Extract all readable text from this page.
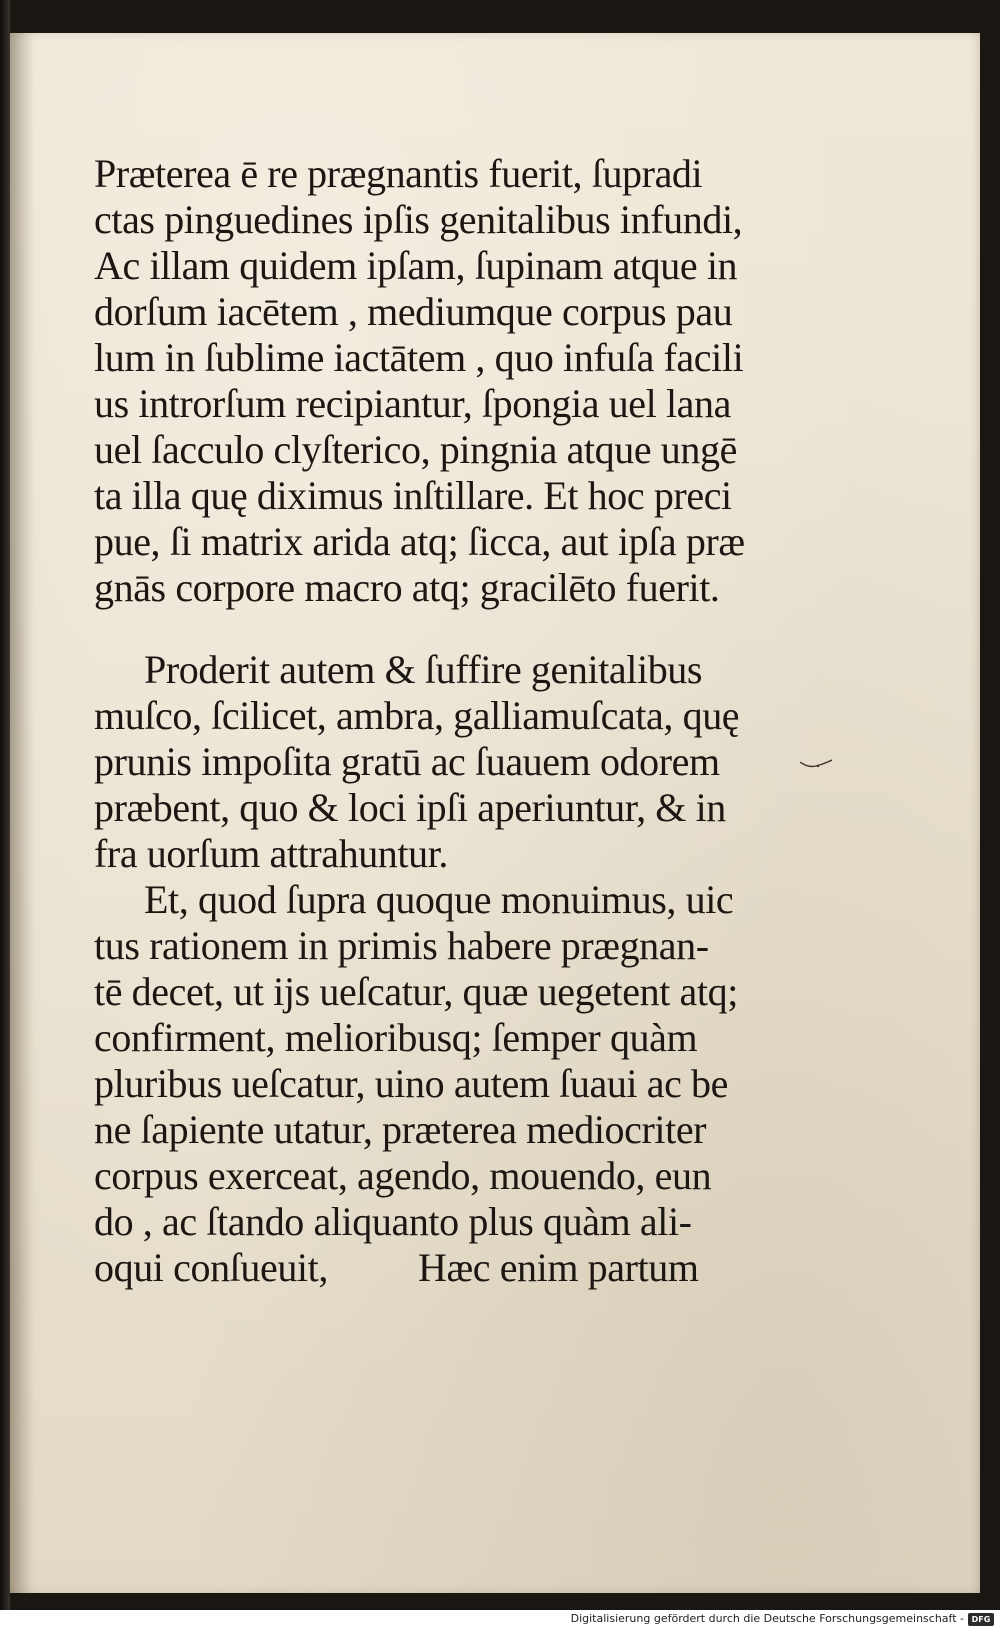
Præterea ē re prægnantis fuerit, ſupradi
ctas pinguedines ipſis genitalibus infundi,
Ac illam quidem ipſam, ſupinam atque in
dorſum iacētem , mediumque corpus pau
lum in ſublime iactātem , quo infuſa facili
us introrſum recipiantur, ſpongia uel lana
uel ſacculo clyſterico, pingnia atque ungē
ta illa quę diximus inſtillare. Et hoc preci
pue, ſi matrix arida atq; ſicca, aut ipſa præ
gnās corpore macro atq; gracilēto fuerit.
Proderit autem & ſuffire genitalibus
muſco, ſcilicet, ambra, galliamuſcata, quę
prunis impoſita gratū ac ſuauem odorem
præbent, quo & loci ipſi aperiuntur, & in
fra uorſum attrahuntur.
Et, quod ſupra quoque monuimus, uic
tus rationem in primis habere prægnan-
tē decet, ut ijs ueſcatur, quæ uegetent atq;
confirment, melioribusq; ſemper quàm
pluribus ueſcatur, uino autem ſuaui ac be
ne ſapiente utatur, præterea mediocriter
corpus exerceat, agendo, mouendo, eun
do , ac ſtando aliquanto plus quàm ali-
oqui conſueuit, Hæc enim partum
Digitalisierung gefördert durch die Deutsche Forschungsgemeinschaft - DFG
